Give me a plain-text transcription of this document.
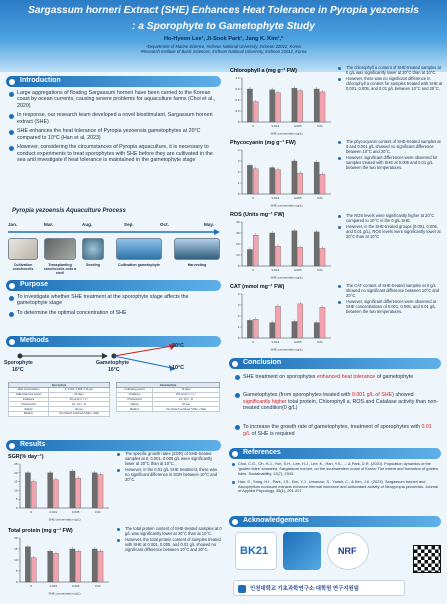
Sargassum horneri Extract (SHE) Enhances Heat Tolerance in Pyropia yezoensis
: a Sporophyte to Gametophyte Study
Ho-Hyeon Lee¹, Ji-Sook Park¹, Jang K. Kim¹,²
¹Department of Marine Science, Incheon National University, Incheon 22012, Korea
²Research Institute of Basic Sciences, Incheon National University, Incheon 22012, Korea
Introduction
Large aggregations of floating Sargassum horneri have been carried to the Korean coast by ocean currents, causing severe problems for aquaculture farms (Choi et al., 2020)
In response, our research team developed a novel biostimulant, Sargassum horneri extract (SHE)
SHE enhances the heat tolerance of Pyropia yezoensis gametophytes at 20°C compared to 10°C (Han et al, 2023)
However, considering the circumstances of Pyropia aquaculture, it is necessary to conduct experiments to treat sporophytes with SHE before they are cultivated in the sea and investigate if heat tolerance is maintained in the gametophyte stage
Pyropia yezoensis Aquaculture Process
Jan.	Mar.	Aug.	Sep.	Oct.	May.
Cultivation conchocelis
Transplanting conchocelis onto a shell
Seeding	Cultivation gametophyte	Harvesting
Purpose
To investigate whether SHE treatment at the sporophyte stage affects the gametophyte stage
To determine the optimal concentration of SHE
Methods
20°C
10°C
Sporophyte
16°C
Gametophyte
16°C
Sporophyte	
SHE concentration	0, 0.001, 0.005, 0.01 g/L
SHE treatment period	30 days
Irradiance	40 μmol m⁻² s⁻¹
Photoperiod	10 : 14 L : D
Salinity	30 psu
Medium	Von Stosch enriched (VSE) + SHE
Gametophyte	
Cultivating period	10 days
Irradiance	100 μmol m⁻² s⁻¹
Photoperiod	12 : 12 L : D
Salinity	30 psu
Medium	Von Stosch enriched (VSE) + SHE
Results
SGR(% day⁻¹)
0
5
10
15
20
25
0	0.001	0.005	0.01
SHE concentration (g/L)
The specific growth rates (SGR) of SHE-treated samples at 0, 0.001, 0.005 g/L were significantly lower at 20°C than at 10°C.
However, in the 0.01 g/L SHE treatment, there was no significant difference in SGR between 10°C and 20°C.
Total protein (mg g⁻¹ FW)
0
5
10
15
20
0	0.001	0.005	0.01
SHE concentration (g/L)
The total protein content of SHE-treated samples at 0 g/L was significantly lower at 20°C than at 10°C.
However, the total protein content of samples treated with SHE at 0.001, 0.005, and 0.01 g/L showed no significant difference between 10°C and 20°C.
Chlorophyll a (mg g⁻¹ FW)
0
0.3
0.6
0.9
1.2
0	0.001	0.005	0.01
SHE concentration (g/L)
The chlorophyll a content of SHE-treated samples at 0 g/L was significantly lower at 20°C than at 10°C.
However, there was no significant difference in chlorophyll a content for samples treated with SHE at 0.001, 0.005, and 0.01 g/L between 10°C and 20°C.
Phycocyanin (mg g⁻¹ FW)
0
1
2
3
4
0	0.001	0.005	0.01
SHE concentration (g/L)
The phycocyanin content of SHE-treated samples at 0 and 0.001 g/L showed no significant difference between 10°C and 20°C.
However, significant differences were observed for samples treated with SHE at 0.005 and 0.01 g/L between the two temperatures.
ROS (Units mg⁻¹ FW)
0
10
20
30
40
0	0.001	0.005	0.01
SHE concentration (g/L)
The ROS levels were significantly higher at 20°C compared to 10°C in the 0 g/L SHE.
However, in the SHE-treated groups (0.001, 0.005, and 0.01 g/L), ROS levels were significantly lower at 20°C than at 10°C
CAT (mmol mg⁻¹ FW)
0
1
2
3
4
0	0.001	0.005	0.01
SHE concentration (g/L)
The CAT content of SHE-treated samples at 0 g/L showed no significant difference between 10°C and 20°C.
However, significant differences were observed at SHE concentrations of 0.001, 0.005, and 0.01 g/L between the two temperatures.
Conclusion
SHE treatment on sporophytes enhanced heat tolerance of gametophyte
Gametophytes (from sporophytes treated with 0.001 g/L of SHE) showed significantly higher total protein, Chlorophyll a, ROS and Catalase activity than non-treated condition(0 g/L)
To increase the growth rate of gametophytes, treatment of sporophytes with 0.01 g/L of SHE is required
References
Choi, C.G., Oh, H.J., Yun, S.H., Lee, H.J., Lee, K., Han, Y.S., ... & Park, D.R. (2020). Population dynamics of the 'golden tides' seaweed, Sargassum horneri, on the southwestern coast of Korea: The extent and formation of golden tides. Sustainability, 12(7), 2903.
Han, S., Song, H.I., Park, J.S., Kim, Y.J., Umanzor, S., Yarish, C., & Kim, J.K. (2023). Sargassum horneri and Ascophyllum nodosum extracts enhance thermal tolerance and antioxidant activity of Neopyropia yezoensis. Journal of Applied Phycology, 35(1), 201-207.
Acknowledgements
BK21	NRF
인천대학교 기초과학연구소·대학원 연구지원팀
